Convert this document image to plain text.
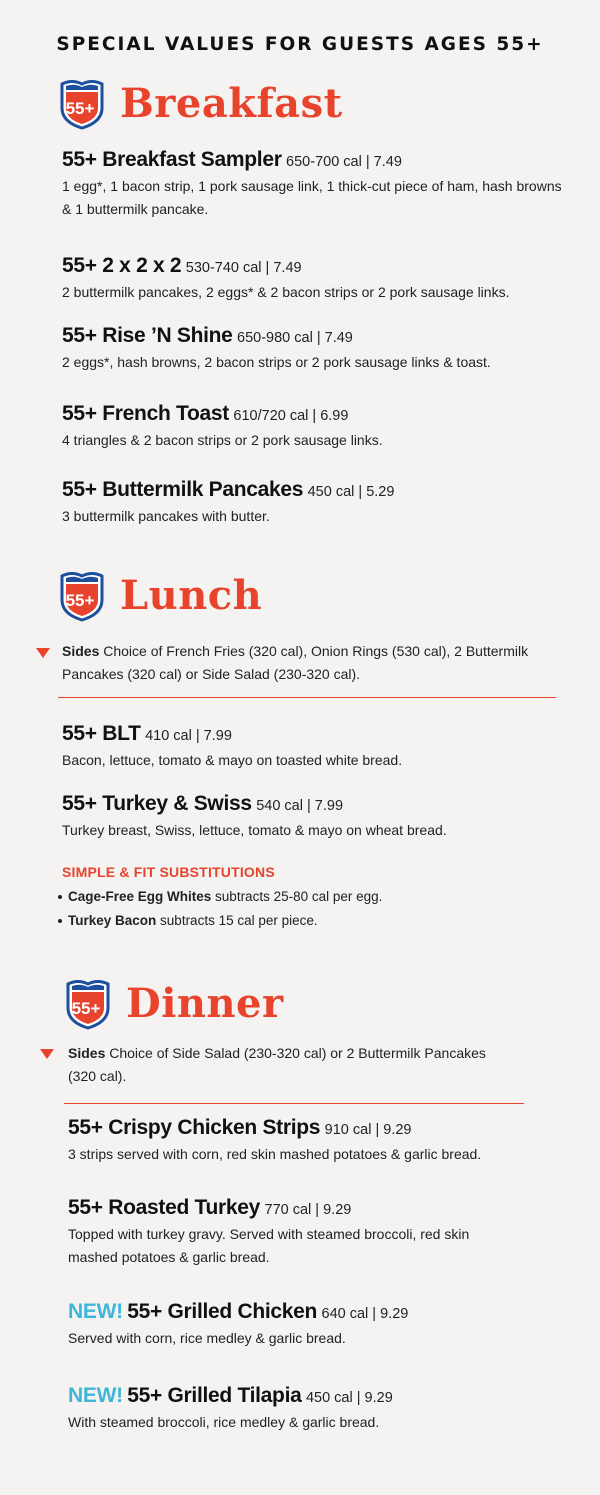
SPECIAL VALUES FOR GUESTS AGES 55+
55+ Breakfast
55+ Breakfast Sampler 650-700 cal | 7.49
1 egg*, 1 bacon strip, 1 pork sausage link, 1 thick-cut piece of ham, hash browns & 1 buttermilk pancake.
55+ 2 x 2 x 2 530-740 cal | 7.49
2 buttermilk pancakes, 2 eggs* & 2 bacon strips or 2 pork sausage links.
55+ Rise ’N Shine 650-980 cal | 7.49
2 eggs*, hash browns, 2 bacon strips or 2 pork sausage links & toast.
55+ French Toast 610/720 cal | 6.99
4 triangles & 2 bacon strips or 2 pork sausage links.
55+ Buttermilk Pancakes 450 cal | 5.29
3 buttermilk pancakes with butter.
55+ Lunch
Sides Choice of French Fries (320 cal), Onion Rings (530 cal), 2 Buttermilk Pancakes (320 cal) or Side Salad (230-320 cal).
55+ BLT 410 cal | 7.99
Bacon, lettuce, tomato & mayo on toasted white bread.
55+ Turkey & Swiss 540 cal | 7.99
Turkey breast, Swiss, lettuce, tomato & mayo on wheat bread.
SIMPLE & FIT SUBSTITUTIONS
Cage-Free Egg Whites subtracts 25-80 cal per egg.
Turkey Bacon subtracts 15 cal per piece.
55+ Dinner
Sides Choice of Side Salad (230-320 cal) or 2 Buttermilk Pancakes (320 cal).
55+ Crispy Chicken Strips 910 cal | 9.29
3 strips served with corn, red skin mashed potatoes & garlic bread.
55+ Roasted Turkey 770 cal | 9.29
Topped with turkey gravy. Served with steamed broccoli, red skin mashed potatoes & garlic bread.
NEW! 55+ Grilled Chicken 640 cal | 9.29
Served with corn, rice medley & garlic bread.
NEW! 55+ Grilled Tilapia 450 cal | 9.29
With steamed broccoli, rice medley & garlic bread.
